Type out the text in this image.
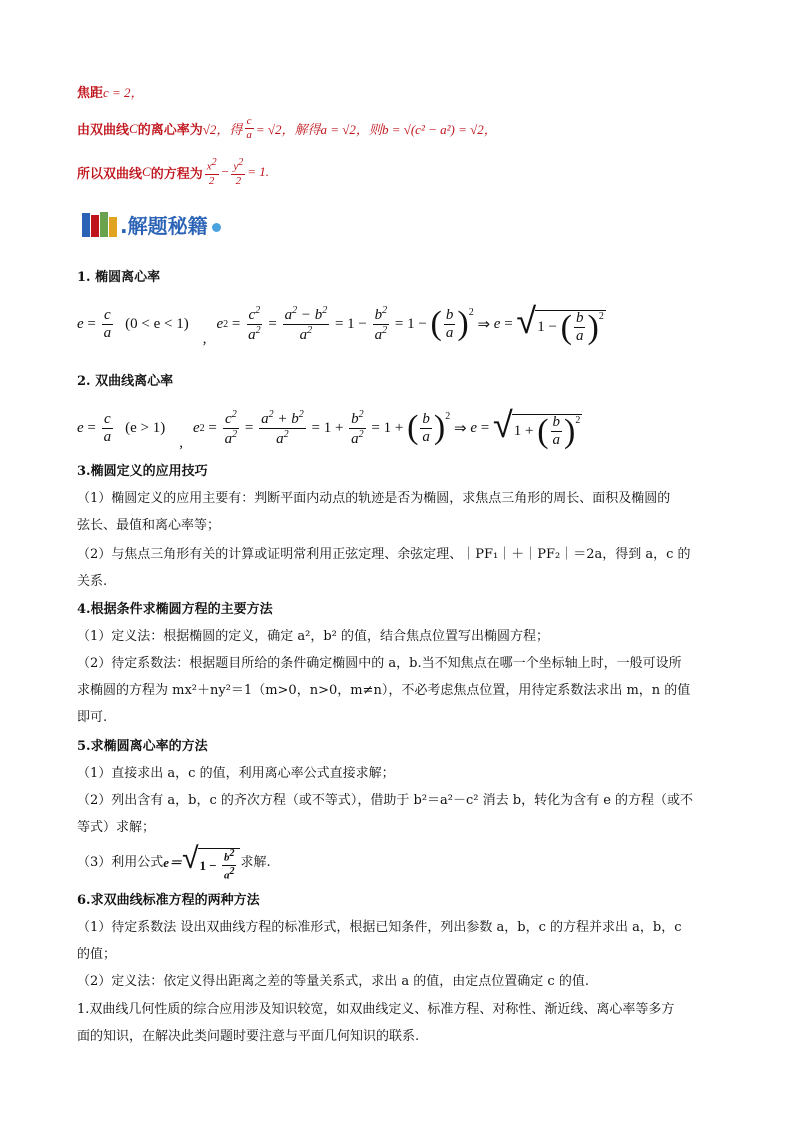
焦距c = 2，
由双曲线 C 的离心率为 √2，得 $\frac{c}{a} = √2$，解得 a = √2，则 b = √(c² − a²) = √2，
所以双曲线 C 的方程为 $\frac{x^2}{2} - \frac{y^2}{2} = 1$.
.解题秘籍
1. 椭圆离心率
$e = \frac{c}{a} (0 < e < 1)$
,
e $2 = \frac{c^2}{a^2} = \frac{a^2 - b^2}{a^2} = 1 - \frac{b^2}{a^2} = 1$ − ( $\frac{b}{a} )^2$
⇒ e = √ 1 − ( $\frac{b}{a} )^2$
2. 双曲线离心率
$e = \frac{c}{a} (e > 1)$
,
e $2 = \frac{c^2}{a^2} = \frac{a^2 + b^2}{a^2} = 1 + \frac{b^2}{a^2} = 1$ + ( $\frac{b}{a} )^2$
⇒ e = √ 1 + ( $\frac{b}{a} )^2$
3.椭圆定义的应用技巧
（1）椭圆定义的应用主要有：判断平面内动点的轨迹是否为椭圆，求焦点三角形的周长、面积及椭圆的
弦长、最值和离心率等；
（2）与焦点三角形有关的计算或证明常利用正弦定理、余弦定理、｜PF₁｜＋｜PF₂｜＝2a，得到 a，c 的
关系.
4.根据条件求椭圆方程的主要方法
（1）定义法：根据椭圆的定义，确定 a²，b² 的值，结合焦点位置写出椭圆方程；
（2）待定系数法：根据题目所给的条件确定椭圆中的 a，b.当不知焦点在哪一个坐标轴上时，一般可设所
求椭圆的方程为 mx²＋ny²＝1（m>0，n>0，m≠n），不必考虑焦点位置，用待定系数法求出 m，n 的值
即可.
5.求椭圆离心率的方法
（1）直接求出 a，c 的值，利用离心率公式直接求解；
（2）列出含有 a，b，c 的齐次方程（或不等式），借助于 b²＝a²－c² 消去 b，转化为含有 e 的方程（或不
等式）求解；
（3）利用公式 e＝ √ $1 - \frac{b^2}{a^2}$ 求解.
6.求双曲线标准方程的两种方法
（1）待定系数法 设出双曲线方程的标准形式，根据已知条件，列出参数 a，b，c 的方程并求出 a，b，c
的值；
（2）定义法：依定义得出距离之差的等量关系式，求出 a 的值，由定点位置确定 c 的值.
1.双曲线几何性质的综合应用涉及知识较宽，如双曲线定义、标准方程、对称性、渐近线、离心率等多方
面的知识，在解决此类问题时要注意与平面几何知识的联系.
